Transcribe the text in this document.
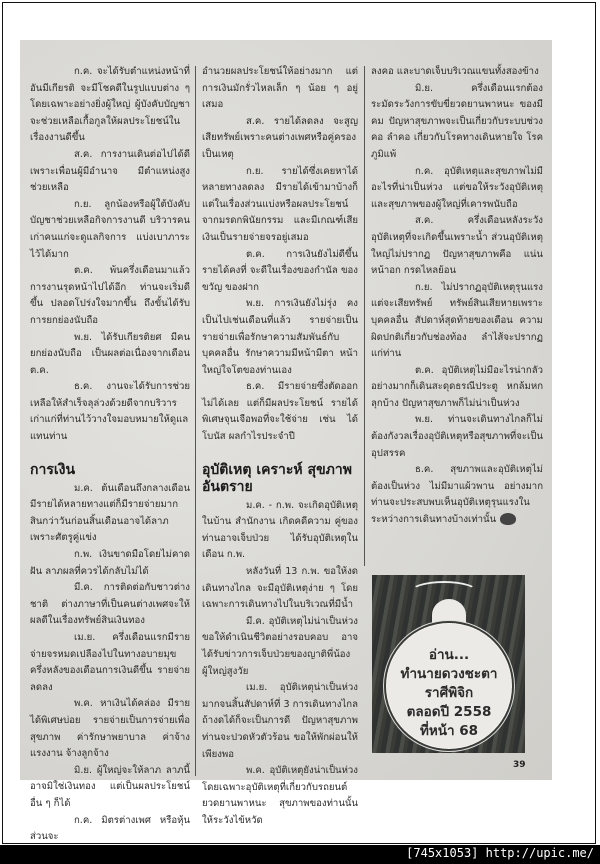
ก.ค. จะได้รับตำแหน่งหน้าที่อันมีเกียรติ จะมีโชคดีในรูปแบบต่าง ๆ โดยเฉพาะอย่างยิ่งผู้ใหญ่ ผู้บังคับบัญชาจะช่วยเหลือเกื้อกูลให้ผลประโยชน์ในเรื่องงานดีขึ้น

ส.ค. การงานเดินต่อไปได้ดีเพราะเพื่อนผู้มีอำนาจ มีตำแหน่งสูงช่วยเหลือ

ก.ย. ลูกน้องหรือผู้ใต้บังคับบัญชาช่วยเหลือกิจการงานดี บริวารคนเก่าคนแก่จะดูแลกิจการ แบ่งเบาภาระไว้ได้มาก

ต.ค. พ้นครึ่งเดือนมาแล้ว การงานรุดหน้าไปได้อีก ท่านจะเริ่มดีขึ้น ปลอดโปร่งใจมากขึ้น ถึงขั้นได้รับการยกย่องนับถือ

พ.ย. ได้รับเกียรติยศ มีคนยกย่องนับถือ เป็นผลต่อเนื่องจากเดือน ต.ค.

ธ.ค. งานจะได้รับการช่วยเหลือให้สำเร็จลุล่วงด้วยดีจากบริวารเก่าแก่ที่ท่านไว้วางใจมอบหมายให้ดูแลแทนท่าน

การเงิน

ม.ค. ต้นเดือนถึงกลางเดือนมีรายได้หลายทางแต่ก็มีรายจ่ายมาก สินกว่าวันก่อนสิ้นเดือนอาจได้ลาภเพราะศัตรูคู่แข่ง

ก.พ. เงินขาดมือโดยไม่คาดฝัน ลาภผลที่ควรได้กลับไม่ได้

มี.ค. การติดต่อกับชาวต่างชาติ ต่างภาษาที่เป็นคนต่างเพศจะให้ผลดีในเรื่องทรัพย์สินเงินทอง

เม.ย. ครึ่งเดือนแรกมีรายจ่ายจรหมดเปลืองไปในทางอบายมุข ครึ่งหลังของเดือนการเงินดีขึ้น รายจ่ายลดลง

พ.ค. หาเงินได้คล่อง มีรายได้พิเศษบ่อย รายจ่ายเป็นการจ่ายเพื่อสุขภาพ ค่ารักษาพยาบาล ค่าจ้างแรงงาน จ้างลูกจ้าง

มิ.ย. ผู้ใหญ่จะให้ลาภ ลาภนี้อาจมิใช่เงินทอง แต่เป็นผลประโยชน์อื่น ๆ ก็ได้

ก.ค. มิตรต่างเพศ หรือหุ้นส่วนจะ

อำนวยผลประโยชน์ให้อย่างมาก แต่การเงินมักรั่วไหลเล็ก ๆ น้อย ๆ อยู่เสมอ

ส.ค. รายได้ลดลง จะสูญเสียทรัพย์เพราะคนต่างเพศหรือคู่ครองเป็นเหตุ

ก.ย. รายได้ซึ่งเคยหาได้หลายทางลดลง มีรายได้เข้ามาบ้างก็แต่ในเรื่องส่วนแบ่งหรือผลประโยชน์จากมรดกพินัยกรรม และมีเกณฑ์เสียเงินเป็นรายจ่ายจรอยู่เสมอ

ต.ค. การเงินยังไม่ดีขึ้น รายได้คงที่ จะดีในเรื่องของกำนัล ของขวัญ ของฝาก

พ.ย. การเงินยังไม่รุ่ง คงเป็นไปเช่นเดือนที่แล้ว รายจ่ายเป็นรายจ่ายเพื่อรักษาความสัมพันธ์กับบุคคลอื่น รักษาความมีหน้ามีตา หน้าใหญ่ใจโตของท่านเอง

ธ.ค. มีรายจ่ายซึ่งตัดออกไม่ได้เลย แต่ก็มีผลประโยชน์ รายได้พิเศษจุนเจือพอที่จะใช้จ่าย เช่น ได้โบนัส ผลกำไรประจำปี

อุบัติเหตุ เคราะห์ สุขภาพ อันตราย

ม.ค. - ก.พ. จะเกิดอุบัติเหตุในบ้าน สำนักงาน เกิดคดีความ คู่ของท่านอาจเจ็บป่วย ได้รับอุบัติเหตุในเดือน ก.พ.

หลังวันที่ 13 ก.พ. ขอให้งดเดินทางไกล จะมีอุบัติเหตุง่าย ๆ โดยเฉพาะการเดินทางไปในบริเวณที่มีน้ำ

มี.ค. อุบัติเหตุไม่น่าเป็นห่วง ขอให้ดำเนินชีวิตอย่างรอบคอบ อาจได้รับข่าวการเจ็บป่วยของญาติพี่น้อง ผู้ใหญ่สูงวัย

เม.ย. อุบัติเหตุน่าเป็นห่วงมากจนสิ้นสัปดาห์ที่ 3 การเดินทางไกลถ้างดได้ก็จะเป็นการดี ปัญหาสุขภาพ ท่านจะปวดหัวตัวร้อน ขอให้พักผ่อนให้เพียงพอ

พ.ค. อุบัติเหตุยังน่าเป็นห่วง โดยเฉพาะอุบัติเหตุที่เกี่ยวกับรถยนต์ ยวดยานพาหนะ สุขภาพของท่านนั้นให้ระวังไข้หวัด

ลงคอ และบาดเจ็บบริเวณแขนทั้งสองข้าง

มิ.ย. ครึ่งเดือนแรกต้องระมัดระวังการขับขี่ยวดยานพาหนะ ของมีคม ปัญหาสุขภาพจะเป็นเกี่ยวกับระบบช่วงคอ ลำคอ เกี่ยวกับโรคทางเดินหายใจ โรคภูมิแพ้

ก.ค. อุบัติเหตุและสุขภาพไม่มีอะไรที่น่าเป็นห่วง แต่ขอให้ระวังอุบัติเหตุและสุขภาพของผู้ใหญ่ที่เคารพนับถือ

ส.ค. ครึ่งเดือนหลังระวังอุบัติเหตุที่จะเกิดขึ้นเพราะน้ำ ส่วนอุบัติเหตุใหญ่ไม่ปรากฏ ปัญหาสุขภาพคือ แน่นหน้าอก กรดไหลย้อน

ก.ย. ไม่ปรากฏอุบัติเหตุรุนแรง แต่จะเสียทรัพย์ ทรัพย์สินเสียหายเพราะบุคคลอื่น สัปดาห์สุดท้ายของเดือน ความผิดปกติเกี่ยวกับช่องท้อง ลำไส้จะปรากฏแก่ท่าน

ต.ค. อุบัติเหตุไม่มีอะไรน่ากลัว อย่างมากก็เดินสะดุดธรณีประตู หกล้มหกลุกบ้าง ปัญหาสุขภาพก็ไม่น่าเป็นห่วง

พ.ย. ท่านจะเดินทางไกลก็ไม่ต้องกังวลเรื่องอุบัติเหตุหรือสุขภาพที่จะเป็นอุปสรรค

ธ.ค. สุขภาพและอุบัติเหตุไม่ต้องเป็นห่วง ไม่มีมาแผ้วพาน อย่างมากท่านจะประสบพบเห็นอุบัติเหตุรุนแรงในระหว่างการเดินทางบ้างเท่านั้น

อ่าน...
ทำนายดวงชะตา
ราศีพิจิก
ตลอดปี 2558
ที่หน้า 68
39
[745x1053] http://upic.me/
